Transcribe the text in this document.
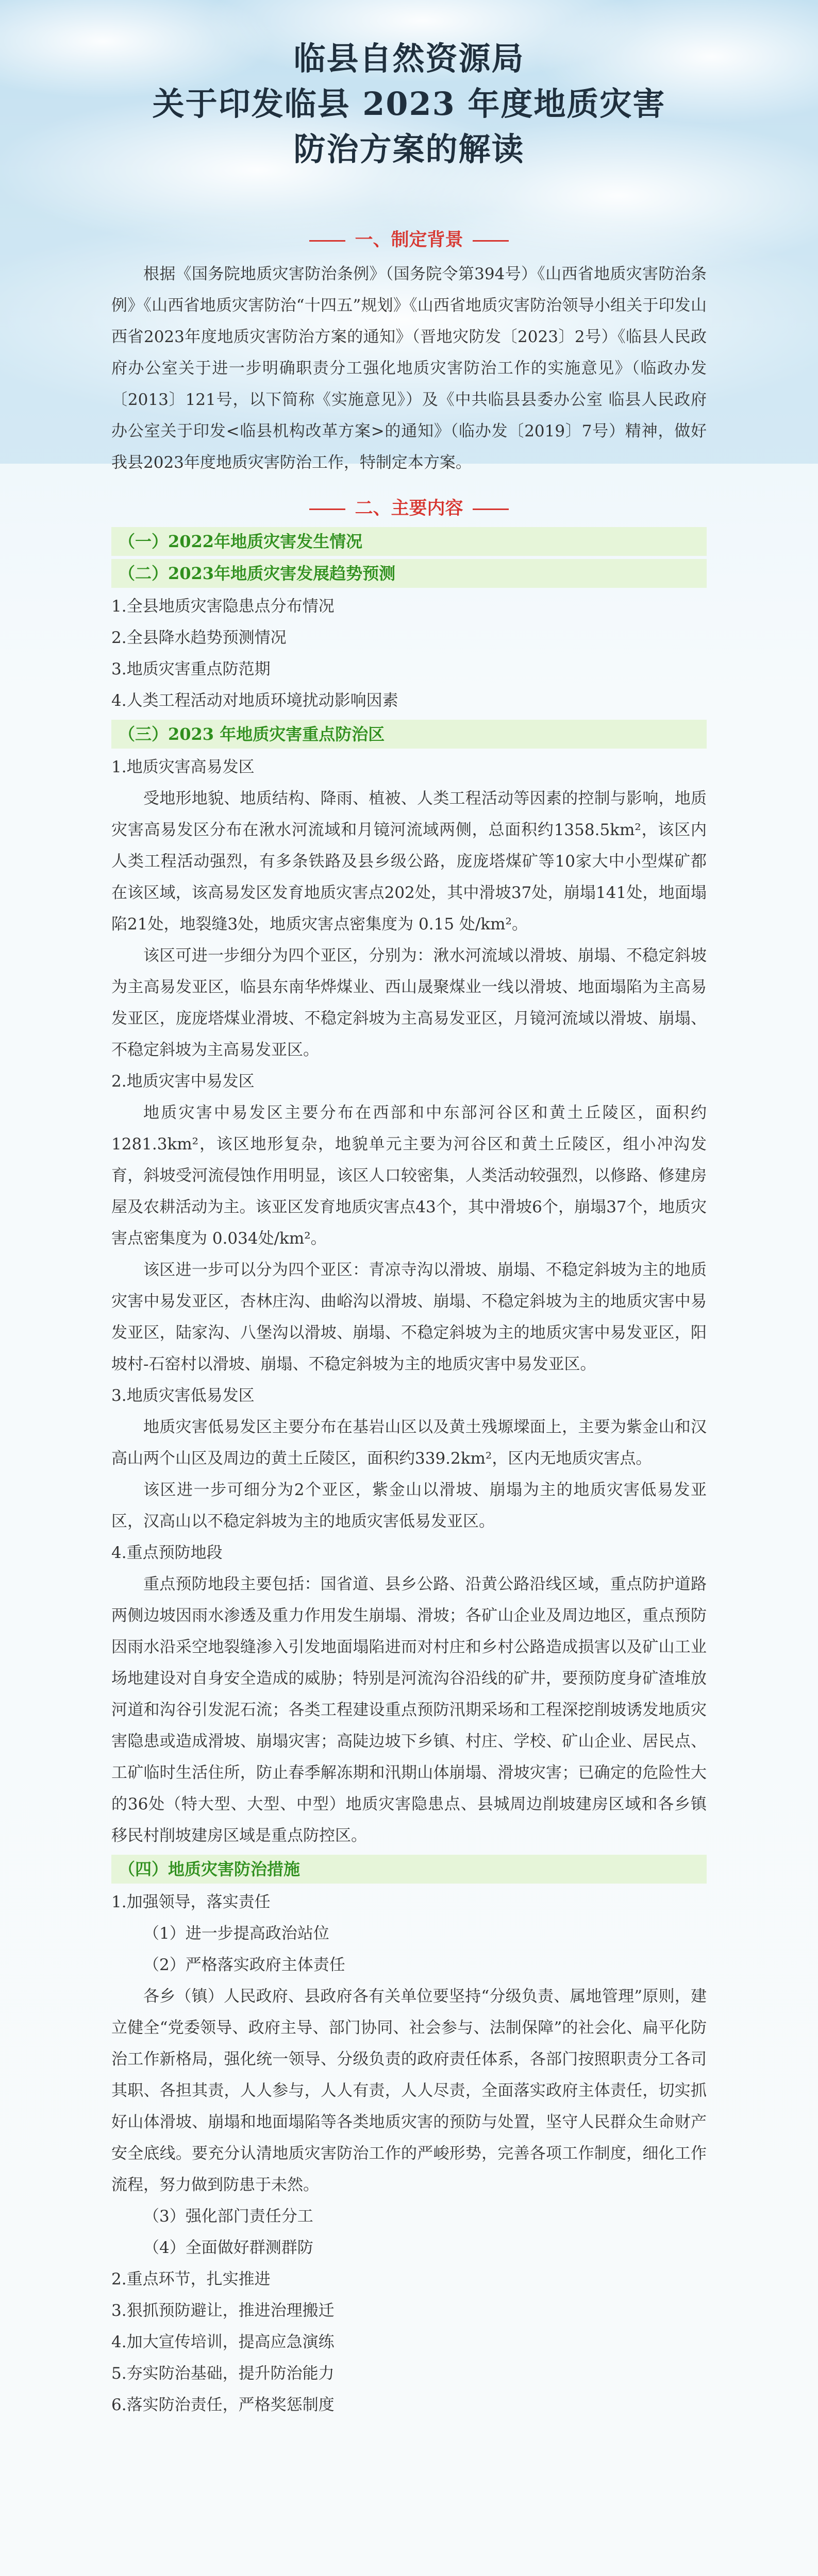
临县自然资源局
关于印发临县 2023 年度地质灾害
防治方案的解读
一、制定背景

根据《国务院地质灾害防治条例》（国务院令第394号）《山西省地质灾害防治条例》《山西省地质灾害防治“十四五”规划》《山西省地质灾害防治领导小组关于印发山西省2023年度地质灾害防治方案的通知》（晋地灾防发〔2023〕2号）《临县人民政府办公室关于进一步明确职责分工强化地质灾害防治工作的实施意见》（临政办发〔2013〕121号，以下简称《实施意见》）及《中共临县县委办公室 临县人民政府办公室关于印发<临县机构改革方案>的通知》（临办发〔2019〕7号）精神，做好我县2023年度地质灾害防治工作，特制定本方案。

二、主要内容
（一）2022年地质灾害发生情况
（二）2023年地质灾害发展趋势预测

1.全县地质灾害隐患点分布情况

2.全县降水趋势预测情况

3.地质灾害重点防范期

4.人类工程活动对地质环境扰动影响因素

（三）2023 年地质灾害重点防治区

1.地质灾害高易发区

受地形地貌、地质结构、降雨、植被、人类工程活动等因素的控制与影响，地质灾害高易发区分布在湫水河流域和月镜河流域两侧，总面积约1358.5km²，该区内人类工程活动强烈，有多条铁路及县乡级公路，庞庞塔煤矿等10家大中小型煤矿都在该区域，该高易发区发育地质灾害点202处，其中滑坡37处，崩塌141处，地面塌陷21处，地裂缝3处，地质灾害点密集度为 0.15 处/km²。

该区可进一步细分为四个亚区，分别为：湫水河流域以滑坡、崩塌、不稳定斜坡为主高易发亚区，临县东南华烨煤业、西山晟聚煤业一线以滑坡、地面塌陷为主高易发亚区，庞庞塔煤业滑坡、不稳定斜坡为主高易发亚区，月镜河流域以滑坡、崩塌、不稳定斜坡为主高易发亚区。

2.地质灾害中易发区

地质灾害中易发区主要分布在西部和中东部河谷区和黄土丘陵区，面积约1281.3km²，该区地形复杂，地貌单元主要为河谷区和黄土丘陵区，组小冲沟发育，斜坡受河流侵蚀作用明显，该区人口较密集，人类活动较强烈，以修路、修建房屋及农耕活动为主。该亚区发育地质灾害点43个，其中滑坡6个，崩塌37个，地质灾害点密集度为 0.034处/km²。

该区进一步可以分为四个亚区：青凉寺沟以滑坡、崩塌、不稳定斜坡为主的地质灾害中易发亚区，杏林庄沟、曲峪沟以滑坡、崩塌、不稳定斜坡为主的地质灾害中易发亚区，陆家沟、八堡沟以滑坡、崩塌、不稳定斜坡为主的地质灾害中易发亚区，阳坡村-石窑村以滑坡、崩塌、不稳定斜坡为主的地质灾害中易发亚区。

3.地质灾害低易发区

地质灾害低易发区主要分布在基岩山区以及黄土残塬墚面上，主要为紫金山和汉高山两个山区及周边的黄土丘陵区，面积约339.2km²，区内无地质灾害点。

该区进一步可细分为2个亚区，紫金山以滑坡、崩塌为主的地质灾害低易发亚区，汉高山以不稳定斜坡为主的地质灾害低易发亚区。

4.重点预防地段

重点预防地段主要包括：国省道、县乡公路、沿黄公路沿线区域，重点防护道路两侧边坡因雨水渗透及重力作用发生崩塌、滑坡；各矿山企业及周边地区，重点预防因雨水沿采空地裂缝渗入引发地面塌陷进而对村庄和乡村公路造成损害以及矿山工业场地建设对自身安全造成的威胁；特别是河流沟谷沿线的矿井，要预防度身矿渣堆放河道和沟谷引发泥石流；各类工程建设重点预防汛期采场和工程深挖削坡诱发地质灾害隐患或造成滑坡、崩塌灾害；高陡边坡下乡镇、村庄、学校、矿山企业、居民点、工矿临时生活住所，防止春季解冻期和汛期山体崩塌、滑坡灾害；已确定的危险性大的36处（特大型、大型、中型）地质灾害隐患点、县城周边削坡建房区域和各乡镇移民村削坡建房区域是重点防控区。

（四）地质灾害防治措施

1.加强领导，落实责任

（1）进一步提高政治站位

（2）严格落实政府主体责任

各乡（镇）人民政府、县政府各有关单位要坚持“分级负责、属地管理”原则，建立健全“党委领导、政府主导、部门协同、社会参与、法制保障”的社会化、扁平化防治工作新格局，强化统一领导、分级负责的政府责任体系，各部门按照职责分工各司其职、各担其责，人人参与，人人有责，人人尽责，全面落实政府主体责任，切实抓好山体滑坡、崩塌和地面塌陷等各类地质灾害的预防与处置，坚守人民群众生命财产安全底线。要充分认清地质灾害防治工作的严峻形势，完善各项工作制度，细化工作流程，努力做到防患于未然。

（3）强化部门责任分工

（4）全面做好群测群防

2.重点环节，扎实推进

3.狠抓预防避让，推进治理搬迁

4.加大宣传培训，提高应急演练

5.夯实防治基础，提升防治能力

6.落实防治责任，严格奖惩制度
